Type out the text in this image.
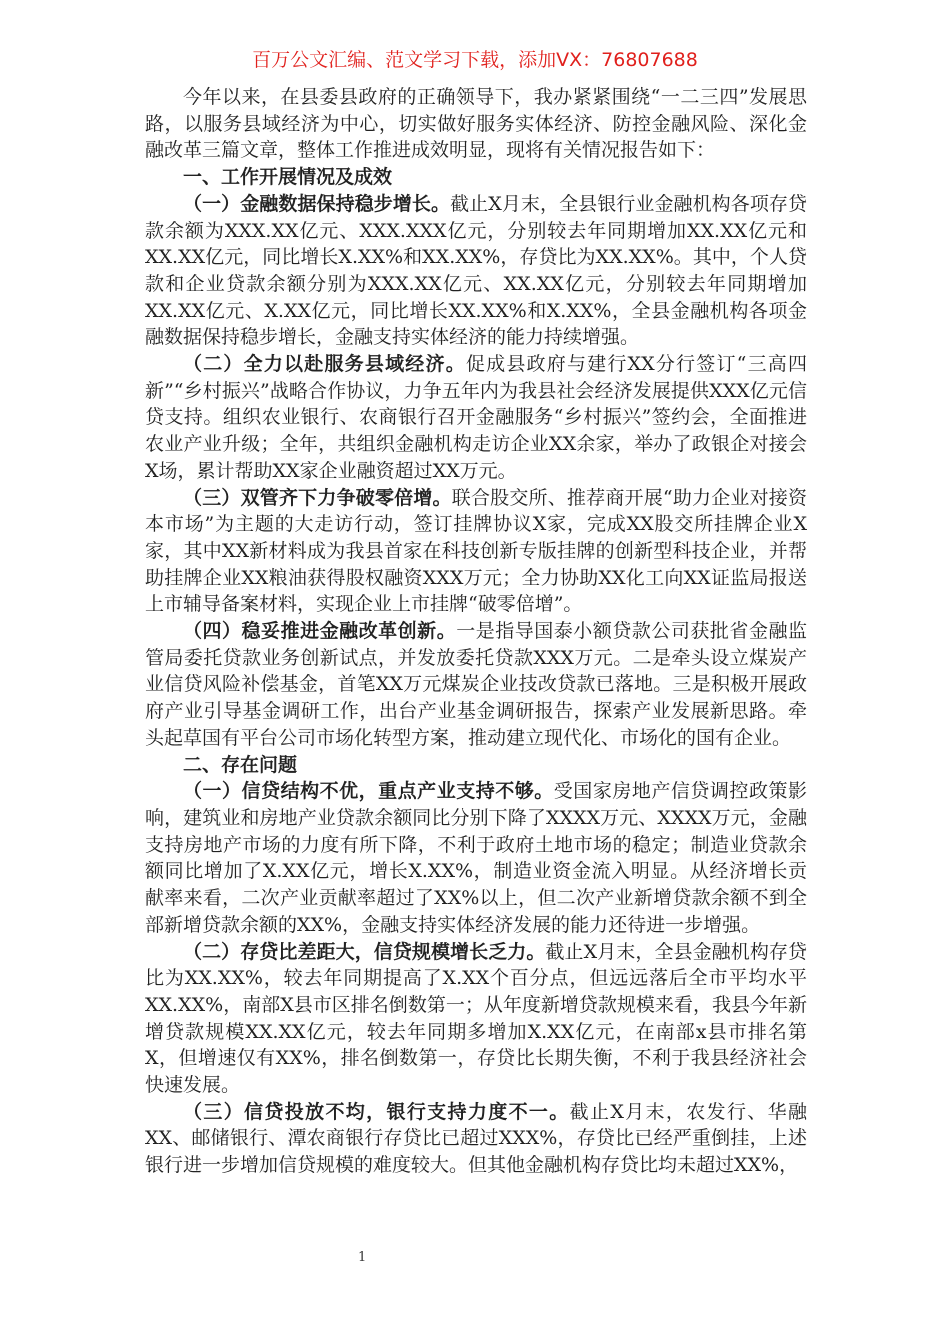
百万公文汇编、范文学习下载，添加VX：76807688

今年以来，在县委县政府的正确领导下，我办紧紧围绕“一二三四”发展思路，以服务县域经济为中心，切实做好服务实体经济、防控金融风险、深化金融改革三篇文章，整体工作推进成效明显，现将有关情况报告如下：

一、工作开展情况及成效

（一）金融数据保持稳步增长。截止X月末，全县银行业金融机构各项存贷款余额为XXX.XX亿元、XXX.XXX亿元，分别较去年同期增加XX.XX亿元和XX.XX亿元，同比增长X.XX%和XX.XX%，存贷比为XX.XX%。其中，个人贷款和企业贷款余额分别为XXX.XX亿元、XX.XX亿元，分别较去年同期增加XX.XX亿元、X.XX亿元，同比增长XX.XX%和X.XX%，全县金融机构各项金融数据保持稳步增长，金融支持实体经济的能力持续增强。

（二）全力以赴服务县域经济。促成县政府与建行XX分行签订“三高四新”“乡村振兴”战略合作协议，力争五年内为我县社会经济发展提供XXX亿元信贷支持。组织农业银行、农商银行召开金融服务“乡村振兴”签约会，全面推进农业产业升级；全年，共组织金融机构走访企业XX余家，举办了政银企对接会X场，累计帮助XX家企业融资超过XX万元。

（三）双管齐下力争破零倍增。联合股交所、推荐商开展“助力企业对接资本市场”为主题的大走访行动，签订挂牌协议X家，完成XX股交所挂牌企业X家，其中XX新材料成为我县首家在科技创新专版挂牌的创新型科技企业，并帮助挂牌企业XX粮油获得股权融资XXX万元；全力协助XX化工向XX证监局报送上市辅导备案材料，实现企业上市挂牌“破零倍增”。

（四）稳妥推进金融改革创新。一是指导国泰小额贷款公司获批省金融监管局委托贷款业务创新试点，并发放委托贷款XXX万元。二是牵头设立煤炭产业信贷风险补偿基金，首笔XX万元煤炭企业技改贷款已落地。三是积极开展政府产业引导基金调研工作，出台产业基金调研报告，探索产业发展新思路。牵头起草国有平台公司市场化转型方案，推动建立现代化、市场化的国有企业。

二、存在问题

（一）信贷结构不优，重点产业支持不够。受国家房地产信贷调控政策影响，建筑业和房地产业贷款余额同比分别下降了XXXX万元、XXXX万元，金融支持房地产市场的力度有所下降，不利于政府土地市场的稳定；制造业贷款余额同比增加了X.XX亿元，增长X.XX%，制造业资金流入明显。从经济增长贡献率来看，二次产业贡献率超过了XX%以上，但二次产业新增贷款余额不到全部新增贷款余额的XX%，金融支持实体经济发展的能力还待进一步增强。

（二）存贷比差距大，信贷规模增长乏力。截止X月末，全县金融机构存贷比为XX.XX%，较去年同期提高了X.XX个百分点，但远远落后全市平均水平XX.XX%，南部X县市区排名倒数第一；从年度新增贷款规模来看，我县今年新增贷款规模XX.XX亿元，较去年同期多增加X.XX亿元，在南部x县市排名第X，但增速仅有XX%，排名倒数第一，存贷比长期失衡，不利于我县经济社会快速发展。

（三）信贷投放不均，银行支持力度不一。截止X月末，农发行、华融XX、邮储银行、潭农商银行存贷比已超过XXX%，存贷比已经严重倒挂，上述银行进一步增加信贷规模的难度较大。但其他金融机构存贷比均未超过XX%，

1
